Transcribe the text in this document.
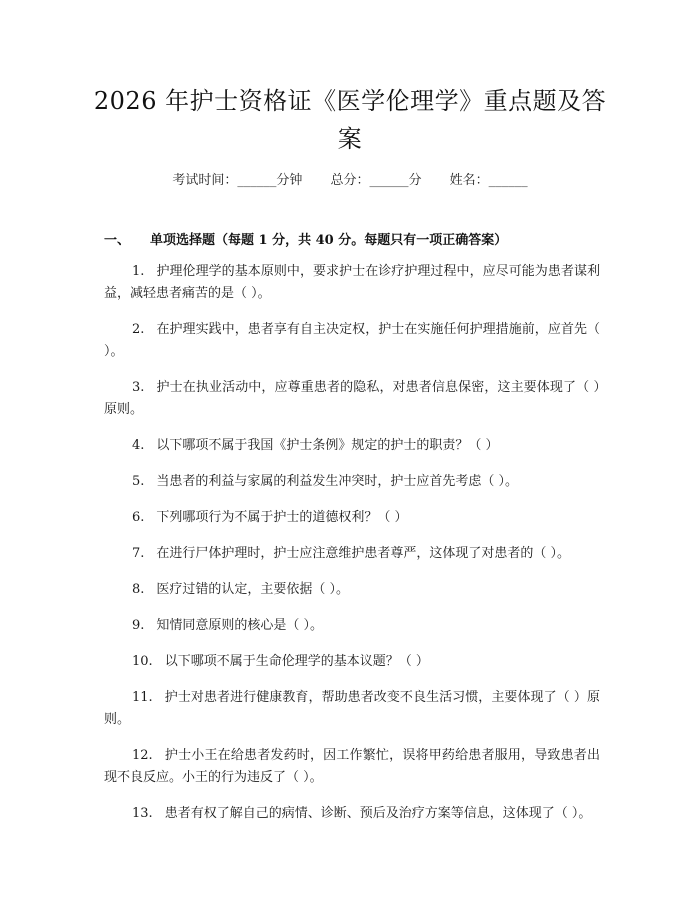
2026 年护士资格证《医学伦理学》重点题及答案
考试时间：______分钟 总分：______分 姓名：______
一、 单项选择题（每题 1 分，共 40 分。每题只有一项正确答案）

1. 护理伦理学的基本原则中，要求护士在诊疗护理过程中，应尽可能为患者谋利益，减轻患者痛苦的是（ ）。

2. 在护理实践中，患者享有自主决定权，护士在实施任何护理措施前，应首先（ ）。

3. 护士在执业活动中，应尊重患者的隐私，对患者信息保密，这主要体现了（ ）原则。

4. 以下哪项不属于我国《护士条例》规定的护士的职责？（ ）

5. 当患者的利益与家属的利益发生冲突时，护士应首先考虑（ ）。

6. 下列哪项行为不属于护士的道德权利？（ ）

7. 在进行尸体护理时，护士应注意维护患者尊严，这体现了对患者的（ ）。

8. 医疗过错的认定，主要依据（ ）。

9. 知情同意原则的核心是（ ）。

10. 以下哪项不属于生命伦理学的基本议题？（ ）

11. 护士对患者进行健康教育，帮助患者改变不良生活习惯，主要体现了（ ）原则。

12. 护士小王在给患者发药时，因工作繁忙，误将甲药给患者服用，导致患者出现不良反应。小王的行为违反了（ ）。

13. 患者有权了解自己的病情、诊断、预后及治疗方案等信息，这体现了（ ）。
